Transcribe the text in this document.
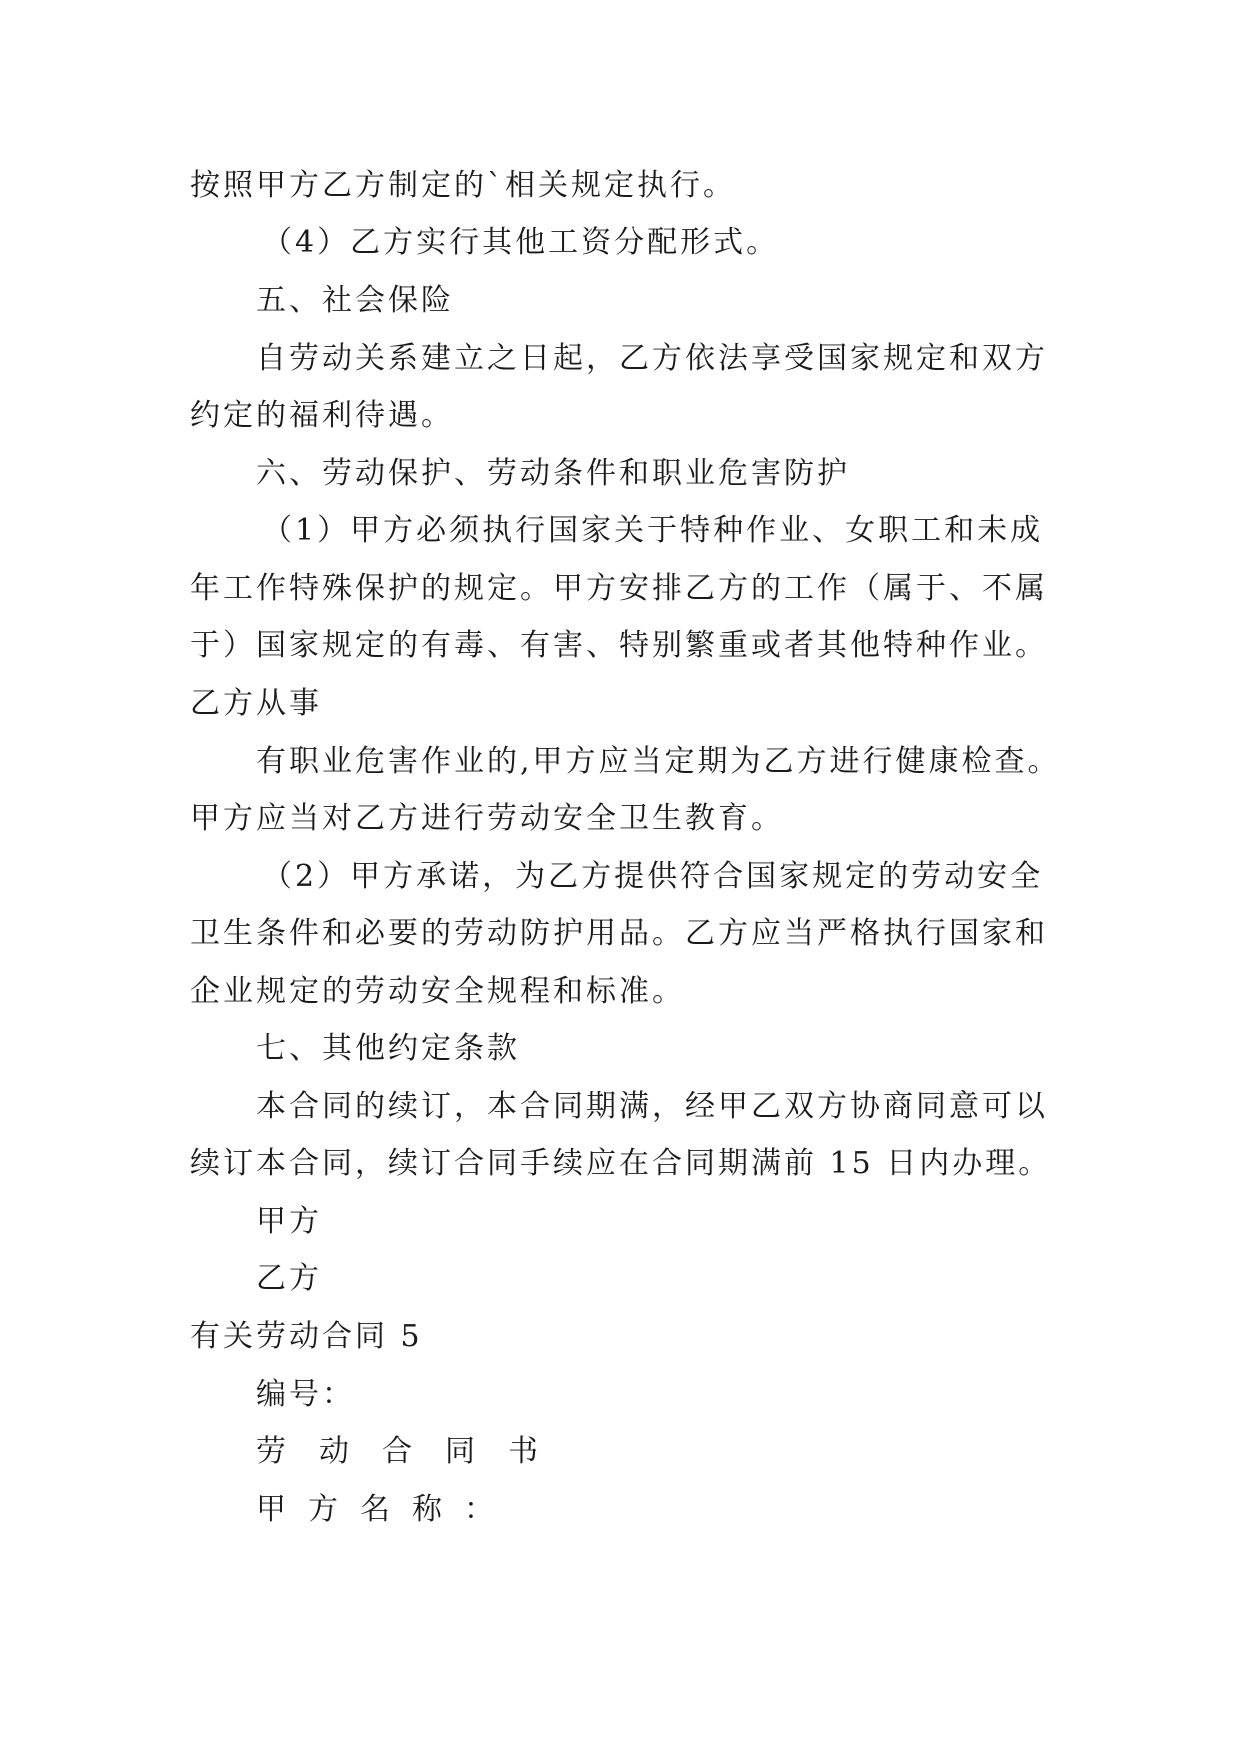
按照甲方乙方制定的`相关规定执行。
（4）乙方实行其他工资分配形式。
五、社会保险
自劳动关系建立之日起，乙方依法享受国家规定和双方
约定的福利待遇。
六、劳动保护、劳动条件和职业危害防护
（1）甲方必须执行国家关于特种作业、女职工和未成
年工作特殊保护的规定。甲方安排乙方的工作（属于、不属
于）国家规定的有毒、有害、特别繁重或者其他特种作业。
乙方从事
有职业危害作业的,甲方应当定期为乙方进行健康检查。
甲方应当对乙方进行劳动安全卫生教育。
（2）甲方承诺，为乙方提供符合国家规定的劳动安全
卫生条件和必要的劳动防护用品。乙方应当严格执行国家和
企业规定的劳动安全规程和标准。
七、其他约定条款
本合同的续订，本合同期满，经甲乙双方协商同意可以
续订本合同，续订合同手续应在合同期满前 15 日内办理。
甲方
乙方
有关劳动合同 5
编号：
劳动合同书
甲方名称：
